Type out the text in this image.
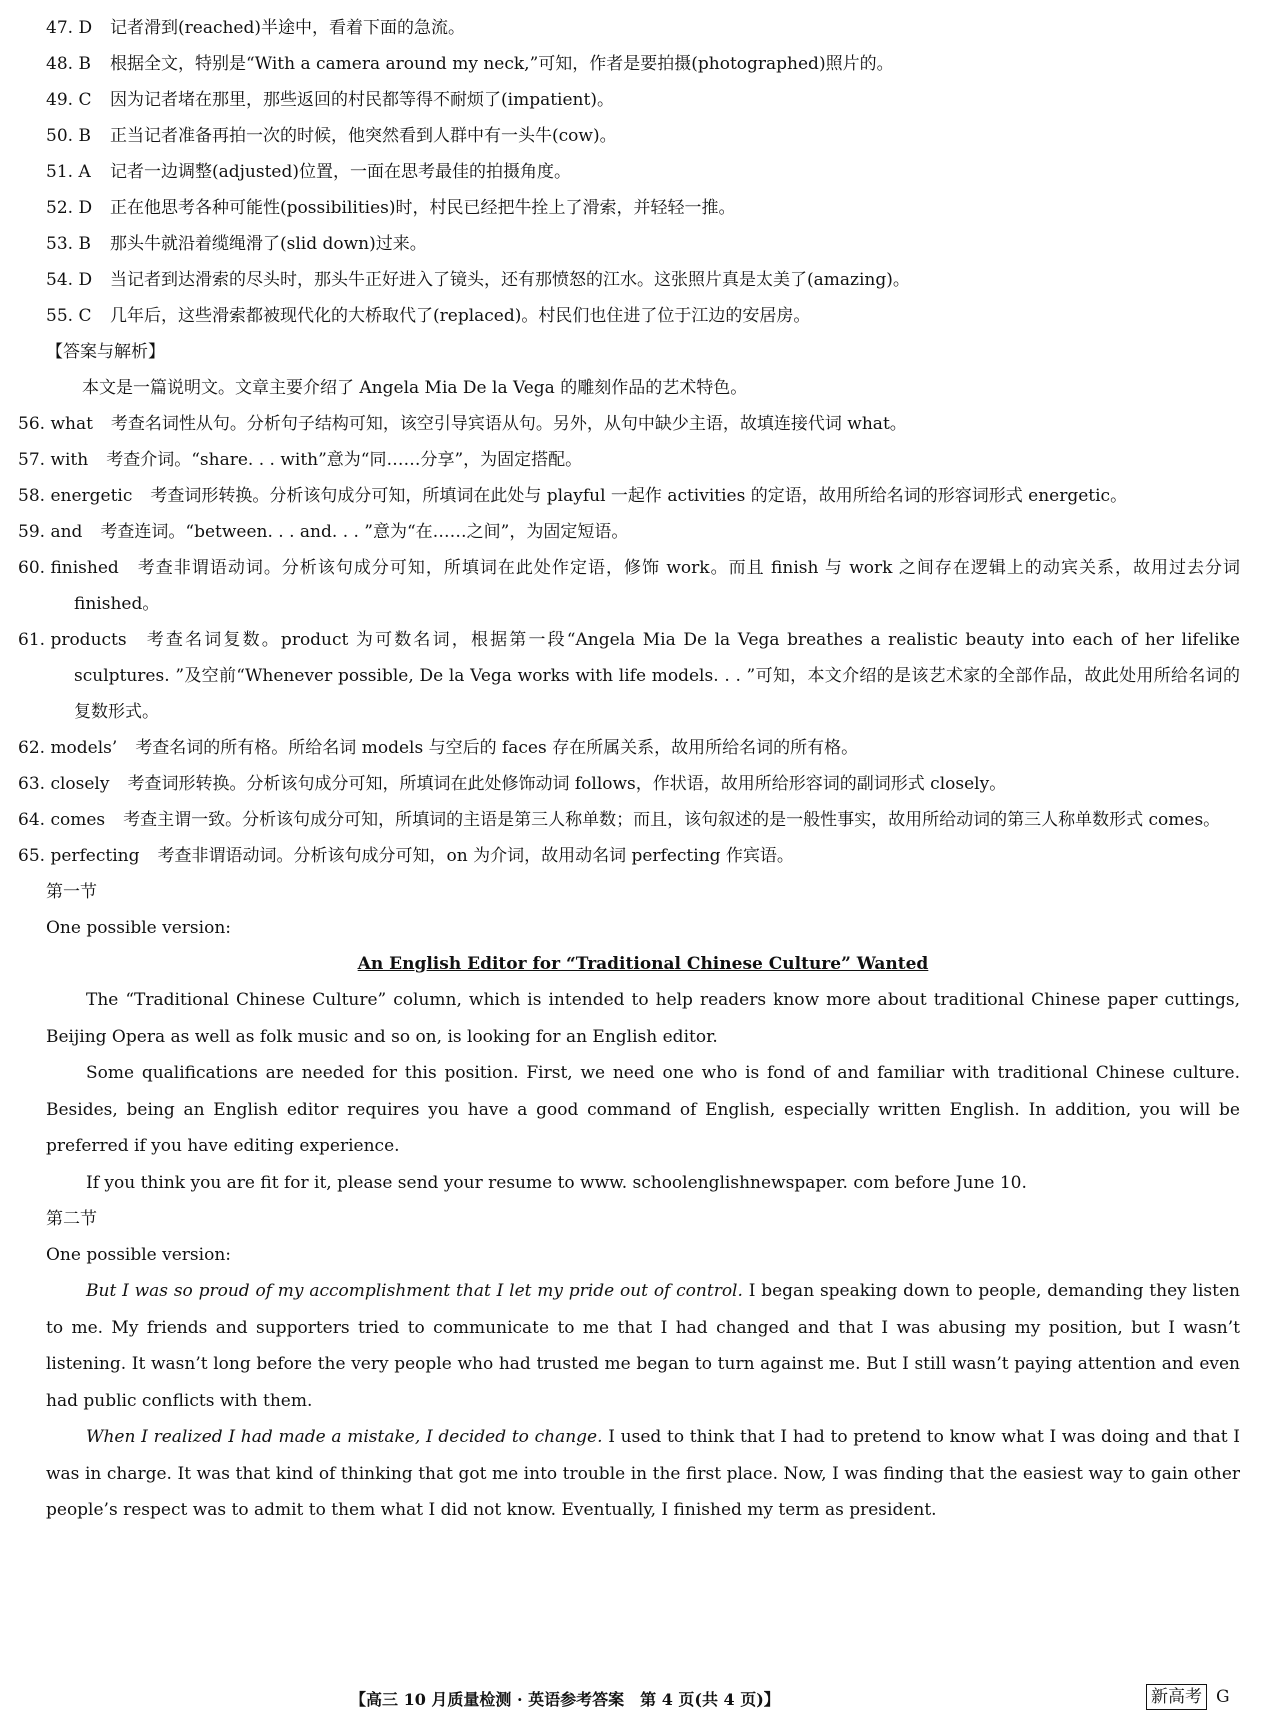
47. D	记者滑到(reached)半途中，看着下面的急流。
48. B	根据全文，特别是“With a camera around my neck,”可知，作者是要拍摄(photographed)照片的。
49. C	因为记者堵在那里，那些返回的村民都等得不耐烦了(impatient)。
50. B	正当记者准备再拍一次的时候，他突然看到人群中有一头牛(cow)。
51. A	记者一边调整(adjusted)位置，一面在思考最佳的拍摄角度。
52. D	正在他思考各种可能性(possibilities)时，村民已经把牛拴上了滑索，并轻轻一推。
53. B	那头牛就沿着缆绳滑了(slid down)过来。
54. D	当记者到达滑索的尽头时，那头牛正好进入了镜头，还有那愤怒的江水。这张照片真是太美了(amazing)。
55. C	几年后，这些滑索都被现代化的大桥取代了(replaced)。村民们也住进了位于江边的安居房。
【答案与解析】
本文是一篇说明文。文章主要介绍了 Angela Mia De la Vega 的雕刻作品的艺术特色。
56. what 考查名词性从句。分析句子结构可知，该空引导宾语从句。另外，从句中缺少主语，故填连接代词 what。
57. with 考查介词。“share. . . with”意为“同……分享”，为固定搭配。
58. energetic 考查词形转换。分析该句成分可知，所填词在此处与 playful 一起作 activities 的定语，故用所给名词的形容词形式 energetic。
59. and 考查连词。“between. . . and. . . ”意为“在……之间”，为固定短语。
60. finished 考查非谓语动词。分析该句成分可知，所填词在此处作定语，修饰 work。而且 finish 与 work 之间存在逻辑上的动宾关系，故用过去分词 finished。
61. products 考查名词复数。product 为可数名词，根据第一段“Angela Mia De la Vega breathes a realistic beauty into each of her lifelike sculptures. ”及空前“Whenever possible, De la Vega works with life models. . . ”可知，本文介绍的是该艺术家的全部作品，故此处用所给名词的复数形式。
62. models’ 考查名词的所有格。所给名词 models 与空后的 faces 存在所属关系，故用所给名词的所有格。
63. closely 考查词形转换。分析该句成分可知，所填词在此处修饰动词 follows，作状语，故用所给形容词的副词形式 closely。
64. comes 考查主谓一致。分析该句成分可知，所填词的主语是第三人称单数；而且，该句叙述的是一般性事实，故用所给动词的第三人称单数形式 comes。
65. perfecting 考查非谓语动词。分析该句成分可知，on 为介词，故用动名词 perfecting 作宾语。
第一节
One possible version:
An English Editor for “Traditional Chinese Culture” Wanted

The “Traditional Chinese Culture” column, which is intended to help readers know more about traditional Chinese paper cuttings, Beijing Opera as well as folk music and so on, is looking for an English editor.

Some qualifications are needed for this position. First, we need one who is fond of and familiar with traditional Chinese culture. Besides, being an English editor requires you have a good command of English, especially written English. In addition, you will be preferred if you have editing experience.

If you think you are fit for it, please send your resume to www. schoolenglishnewspaper. com before June 10.

第二节
One possible version:

But I was so proud of my accomplishment that I let my pride out of control. I began speaking down to people, demanding they listen to me. My friends and supporters tried to communicate to me that I had changed and that I was abusing my position, but I wasn’t listening. It wasn’t long before the very people who had trusted me began to turn against me. But I still wasn’t paying attention and even had public conflicts with them.

When I realized I had made a mistake, I decided to change. I used to think that I had to pretend to know what I was doing and that I was in charge. It was that kind of thinking that got me into trouble in the first place. Now, I was finding that the easiest way to gain other people’s respect was to admit to them what I did not know. Eventually, I finished my term as president.

【高三 10 月质量检测 · 英语参考答案　第 4 页(共 4 页)】	新高考 G
